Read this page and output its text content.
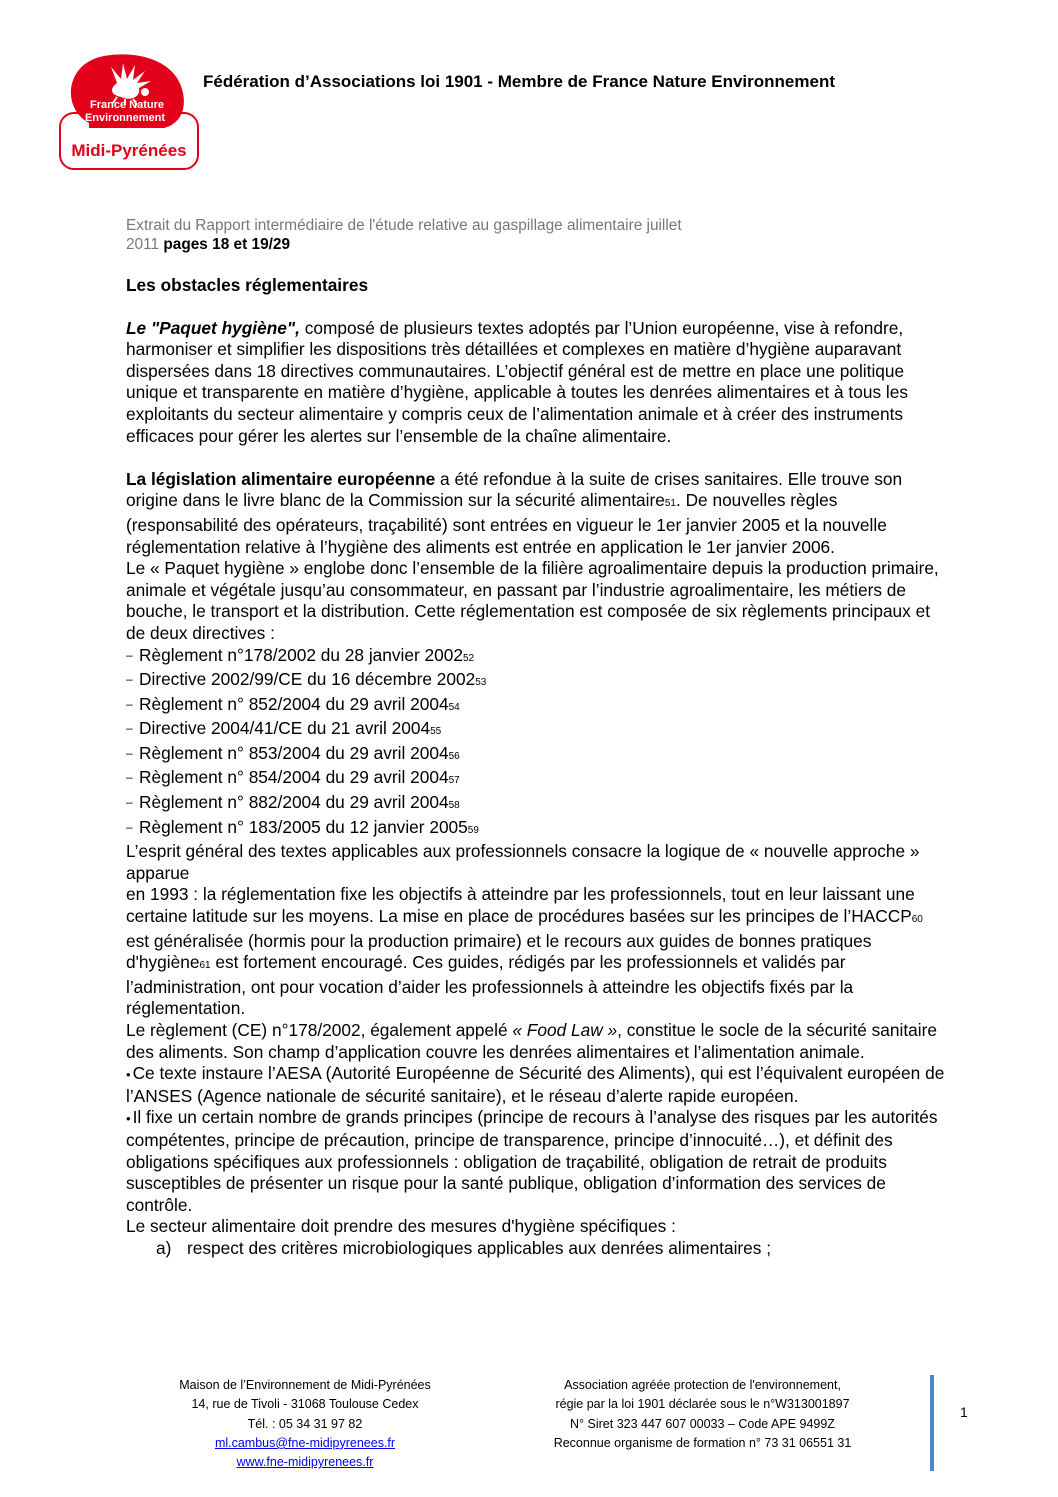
France Nature
Environnement
Midi-Pyrénées
Fédération d’Associations loi 1901 - Membre de France Nature Environnement
Extrait du Rapport intermédiaire de l'étude relative au gaspillage alimentaire juillet
2011 pages 18 et 19/29
Les obstacles réglementaires

Le "Paquet hygiène", composé de plusieurs textes adoptés par l’Union européenne, vise à refondre, harmoniser et simplifier les dispositions très détaillées et complexes en matière d’hygiène auparavant dispersées dans 18 directives communautaires. L’objectif général est de mettre en place une politique unique et transparente en matière d’hygiène, applicable à toutes les denrées alimentaires et à tous les exploitants du secteur alimentaire y compris ceux de l’alimentation animale et à créer des instruments efficaces pour gérer les alertes sur l’ensemble de la chaîne alimentaire.

La législation alimentaire européenne a été refondue à la suite de crises sanitaires. Elle trouve son origine dans le livre blanc de la Commission sur la sécurité alimentaire51. De nouvelles règles (responsabilité des opérateurs, traçabilité) sont entrées en vigueur le 1er janvier 2005 et la nouvelle réglementation relative à l’hygiène des aliments est entrée en application le 1er janvier 2006.

Le « Paquet hygiène » englobe donc l’ensemble de la filière agroalimentaire depuis la production primaire, animale et végétale jusqu’au consommateur, en passant par l’industrie agroalimentaire, les métiers de bouche, le transport et la distribution. Cette réglementation est composée de six règlements principaux et de deux directives :

– Règlement n°178/2002 du 28 janvier 200252
– Directive 2002/99/CE du 16 décembre 200253
– Règlement n° 852/2004 du 29 avril 200454
– Directive 2004/41/CE du 21 avril 200455
– Règlement n° 853/2004 du 29 avril 200456
– Règlement n° 854/2004 du 29 avril 200457
– Règlement n° 882/2004 du 29 avril 200458
– Règlement n° 183/2005 du 12 janvier 200559

L’esprit général des textes applicables aux professionnels consacre la logique de « nouvelle approche » apparue

en 1993 : la réglementation fixe les objectifs à atteindre par les professionnels, tout en leur laissant une certaine latitude sur les moyens. La mise en place de procédures basées sur les principes de l’HACCP60 est généralisée (hormis pour la production primaire) et le recours aux guides de bonnes pratiques d'hygiène61 est fortement encouragé. Ces guides, rédigés par les professionnels et validés par l’administration, ont pour vocation d’aider les professionnels à atteindre les objectifs fixés par la réglementation.

Le règlement (CE) n°178/2002, également appelé « Food Law », constitue le socle de la sécurité sanitaire des aliments. Son champ d’application couvre les denrées alimentaires et l’alimentation animale.

• Ce texte instaure l’AESA (Autorité Européenne de Sécurité des Aliments), qui est l’équivalent européen de l’ANSES (Agence nationale de sécurité sanitaire), et le réseau d’alerte rapide européen.

• Il fixe un certain nombre de grands principes (principe de recours à l’analyse des risques par les autorités compétentes, principe de précaution, principe de transparence, principe d’innocuité…), et définit des obligations spécifiques aux professionnels : obligation de traçabilité, obligation de retrait de produits susceptibles de présenter un risque pour la santé publique, obligation d’information des services de contrôle.

Le secteur alimentaire doit prendre des mesures d'hygiène spécifiques :

a) respect des critères microbiologiques applicables aux denrées alimentaires ;

Maison de l’Environnement de Midi-Pyrénées
14, rue de Tivoli - 31068 Toulouse Cedex
Tél. : 05 34 31 97 82
ml.cambus@fne-midipyrenees.fr
www.fne-midipyrenees.fr
Association agréée protection de l'environnement,
régie par la loi 1901 déclarée sous le n°W313001897
N° Siret 323 447 607 00033 – Code APE 9499Z
Reconnue organisme de formation n° 73 31 06551 31
1
